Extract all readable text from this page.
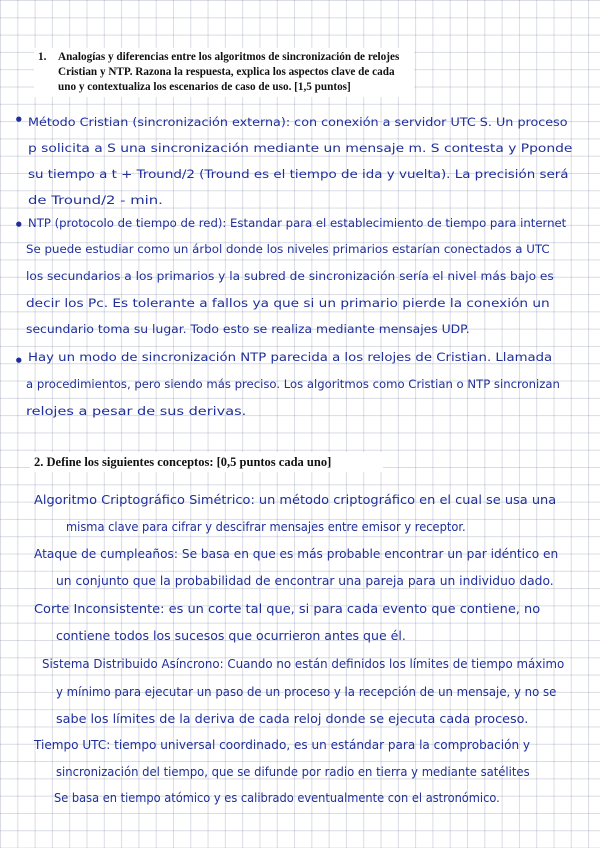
1.	Analogías y diferencias entre los algoritmos de sincronización de relojes Cristian y NTP. Razona la respuesta, explica los aspectos clave de cada uno y contextualiza los escenarios de caso de uso. [1,5 puntos]
•
•
•
Método Cristian (sincronización externa): con conexión a servidor UTC S. Un proceso
p solicita a S una sincronización mediante un mensaje m. S contesta y Pponde
su tiempo a t + Tround/2 (Tround es el tiempo de ida y vuelta). La precisión será
de Tround/2 - min.
NTP (protocolo de tiempo de red): Estandar para el establecimiento de tiempo para internet
Se puede estudiar como un árbol donde los niveles primarios estarían conectados a UTC
los secundarios a los primarios y la subred de sincronización sería el nivel más bajo es
decir los Pc. Es tolerante a fallos ya que si un primario pierde la conexión un
secundario toma su lugar. Todo esto se realiza mediante mensajes UDP.
Hay un modo de sincronización NTP parecida a los relojes de Cristian. Llamada
a procedimientos, pero siendo más preciso. Los algoritmos como Cristian o NTP sincronizan
relojes a pesar de sus derivas.
2. Define los siguientes conceptos: [0,5 puntos cada uno]
Algoritmo Criptográfico Simétrico: un método criptográfico en el cual se usa una
misma clave para cifrar y descifrar mensajes entre emisor y receptor.
Ataque de cumpleaños: Se basa en que es más probable encontrar un par idéntico en
un conjunto que la probabilidad de encontrar una pareja para un individuo dado.
Corte Inconsistente: es un corte tal que, si para cada evento que contiene, no
contiene todos los sucesos que ocurrieron antes que él.
Sistema Distribuido Asíncrono: Cuando no están definidos los límites de tiempo máximo
y mínimo para ejecutar un paso de un proceso y la recepción de un mensaje, y no se
sabe los límites de la deriva de cada reloj donde se ejecuta cada proceso.
Tiempo UTC: tiempo universal coordinado, es un estándar para la comprobación y
sincronización del tiempo, que se difunde por radio en tierra y mediante satélites
Se basa en tiempo atómico y es calibrado eventualmente con el astronómico.
